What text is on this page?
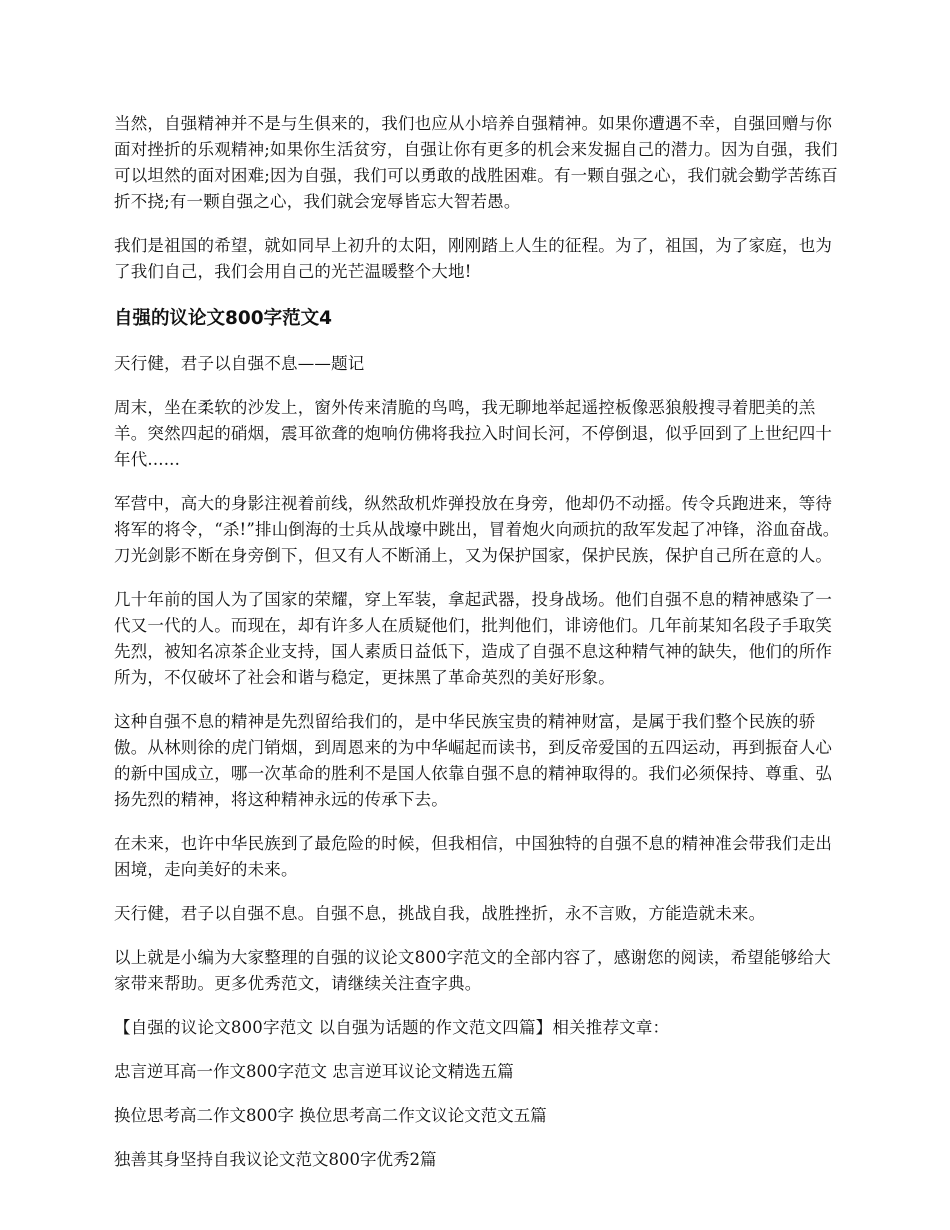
当然，自强精神并不是与生俱来的，我们也应从小培养自强精神。如果你遭遇不幸，自强回赠与你面对挫折的乐观精神;如果你生活贫穷，自强让你有更多的机会来发掘自己的潜力。因为自强，我们可以坦然的面对困难;因为自强，我们可以勇敢的战胜困难。有一颗自强之心，我们就会勤学苦练百折不挠;有一颗自强之心，我们就会宠辱皆忘大智若愚。

我们是祖国的希望，就如同早上初升的太阳，刚刚踏上人生的征程。为了，祖国，为了家庭，也为了我们自己，我们会用自己的光芒温暖整个大地!

自强的议论文800字范文4

天行健，君子以自强不息——题记

周末，坐在柔软的沙发上，窗外传来清脆的鸟鸣，我无聊地举起遥控板像恶狼般搜寻着肥美的羔羊。突然四起的硝烟，震耳欲聋的炮响仿佛将我拉入时间长河，不停倒退，似乎回到了上世纪四十年代......

军营中，高大的身影注视着前线，纵然敌机炸弹投放在身旁，他却仍不动摇。传令兵跑进来，等待将军的将令，“杀!”排山倒海的士兵从战壕中跳出，冒着炮火向顽抗的敌军发起了冲锋，浴血奋战。刀光剑影不断在身旁倒下，但又有人不断涌上，又为保护国家，保护民族，保护自己所在意的人。

几十年前的国人为了国家的荣耀，穿上军装，拿起武器，投身战场。他们自强不息的精神感染了一代又一代的人。而现在，却有许多人在质疑他们，批判他们，诽谤他们。几年前某知名段子手取笑先烈，被知名凉茶企业支持，国人素质日益低下，造成了自强不息这种精气神的缺失，他们的所作所为，不仅破坏了社会和谐与稳定，更抹黑了革命英烈的美好形象。

这种自强不息的精神是先烈留给我们的，是中华民族宝贵的精神财富，是属于我们整个民族的骄傲。从林则徐的虎门销烟，到周恩来的为中华崛起而读书，到反帝爱国的五四运动，再到振奋人心的新中国成立，哪一次革命的胜利不是国人依靠自强不息的精神取得的。我们必须保持、尊重、弘扬先烈的精神，将这种精神永远的传承下去。

在未来，也许中华民族到了最危险的时候，但我相信，中国独特的自强不息的精神准会带我们走出困境，走向美好的未来。

天行健，君子以自强不息。自强不息，挑战自我，战胜挫折，永不言败，方能造就未来。

以上就是小编为大家整理的自强的议论文800字范文的全部内容了，感谢您的阅读，希望能够给大家带来帮助。更多优秀范文，请继续关注查字典。

【自强的议论文800字范文 以自强为话题的作文范文四篇】相关推荐文章：

忠言逆耳高一作文800字范文 忠言逆耳议论文精选五篇
换位思考高二作文800字 换位思考高二作文议论文范文五篇
独善其身坚持自我议论文范文800字优秀2篇
